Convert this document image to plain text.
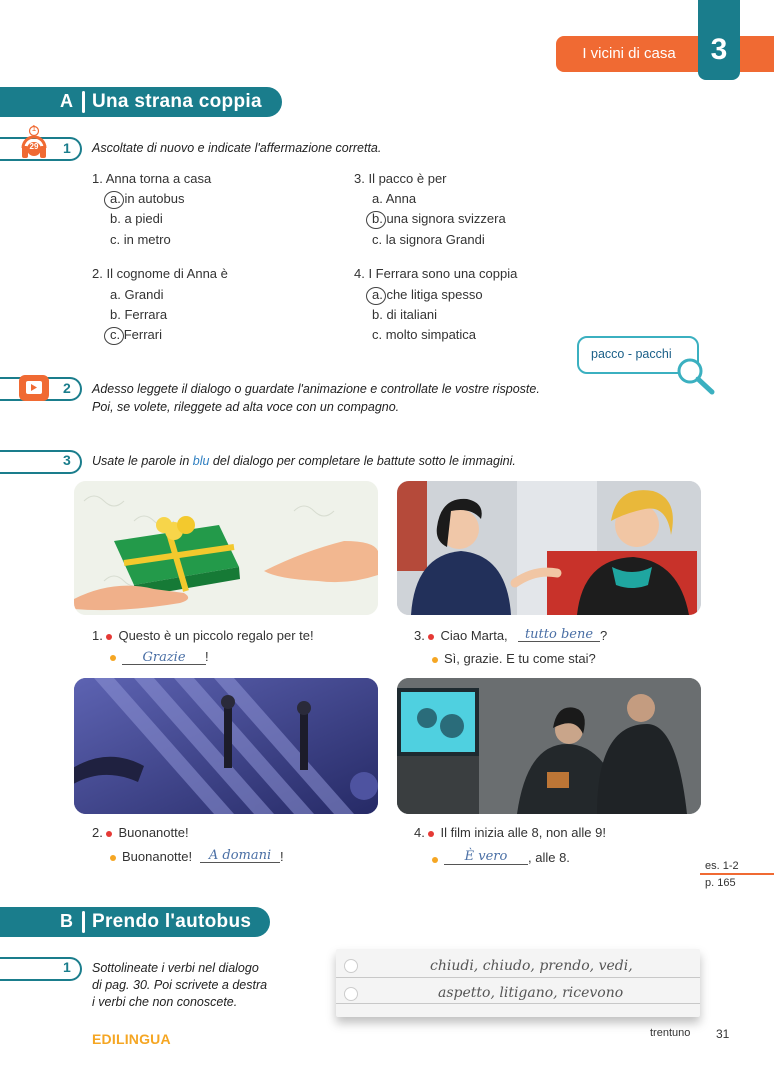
I vicini di casa	3
A Una strana coppia
1
29 1 Ascoltate di nuovo e indicate l'affermazione corretta.
1. Anna torna a casa
a. in autobus
b. a piedi
c. in metro
2. Il cognome di Anna è
a. Grandi
b. Ferrara
c. Ferrari
3. Il pacco è per
a. Anna
b. una signora svizzera
c. la signora Grandi
4. I Ferrara sono una coppia
a. che litiga spesso
b. di italiani
c. molto simpatica
pacco - pacchi
2 Adesso leggete il dialogo o guardate l'animazione e controllate le vostre risposte.
Poi, se volete, rileggete ad alta voce con un compagno.
3 Usate le parole in blu del dialogo per completare le battute sotto le immagini.
1. Questo è un piccolo regalo per te!
Grazie	!
3. Ciao Marta,	tutto bene ?
Sì, grazie. E tu come stai?
2. Buonanotte!
Buonanotte!	A domani !
4. Il film inizia alle 8, non alle 9!
È vero	, alle 8.
es. 1-2
p. 165
B Prendo l'autobus
1 Sottolineate i verbi nel dialogo
di pag. 30. Poi scrivete a destra
i verbi che non conoscete.
chiudi, chiudo, prendo, vedi,
aspetto, litigano, ricevono
EDILINGUA	trentuno 31
